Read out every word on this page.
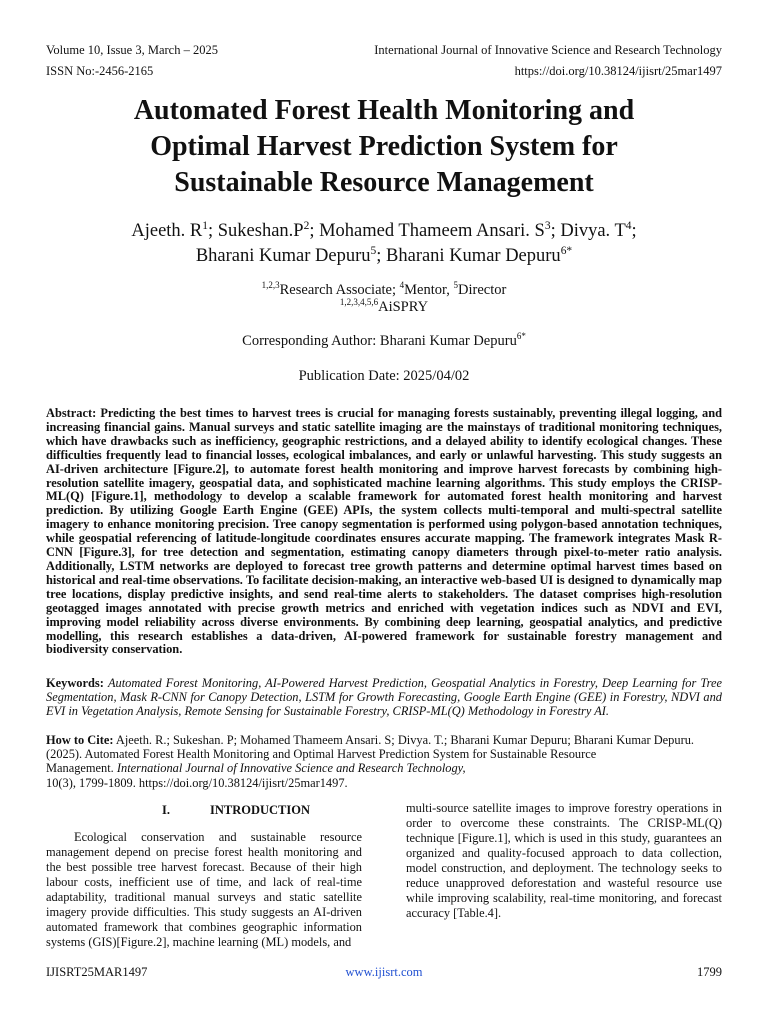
Volume 10, Issue 3, March – 2025	International Journal of Innovative Science and Research Technology
ISSN No:-2456-2165	https://doi.org/10.38124/ijisrt/25mar1497
Automated Forest Health Monitoring and
Optimal Harvest Prediction System for
Sustainable Resource Management
Ajeeth. $R^1$; $Sukeshan.P^2$; Mohamed Thameem Ansari. $S^3$; Divya. $T^4$;
Bharani Kumar Depuru$^5$; Bharani Kumar Depuru$^{6*}$
$^{1,2,3}$Research Associate; $^4$Mentor, $^5$Director
$^{1,2,3,4,5,6}$AiSPRY
Corresponding Author: Bharani Kumar Depuru$^{6*}$
Publication Date: 2025/04/02

Abstract: Predicting the best times to harvest trees is crucial for managing forests sustainably, preventing illegal logging, and increasing financial gains. Manual surveys and static satellite imaging are the mainstays of traditional monitoring techniques, which have drawbacks such as inefficiency, geographic restrictions, and a delayed ability to identify ecological changes. These difficulties frequently lead to financial losses, ecological imbalances, and early or unlawful harvesting. This study suggests an AI-driven architecture [Figure.2], to automate forest health monitoring and improve harvest forecasts by combining high-resolution satellite imagery, geospatial data, and sophisticated machine learning algorithms. This study employs the CRISP-ML(Q) [Figure.1], methodology to develop a scalable framework for automated forest health monitoring and harvest prediction. By utilizing Google Earth Engine (GEE) APIs, the system collects multi-temporal and multi-spectral satellite imagery to enhance monitoring precision. Tree canopy segmentation is performed using polygon-based annotation techniques, while geospatial referencing of latitude-longitude coordinates ensures accurate mapping. The framework integrates Mask R-CNN [Figure.3], for tree detection and segmentation, estimating canopy diameters through pixel-to-meter ratio analysis. Additionally, LSTM networks are deployed to forecast tree growth patterns and determine optimal harvest times based on historical and real-time observations. To facilitate decision-making, an interactive web-based UI is designed to dynamically map tree locations, display predictive insights, and send real-time alerts to stakeholders. The dataset comprises high-resolution geotagged images annotated with precise growth metrics and enriched with vegetation indices such as NDVI and EVI, improving model reliability across diverse environments. By combining deep learning, geospatial analytics, and predictive modelling, this research establishes a data-driven, AI-powered framework for sustainable forestry management and biodiversity conservation.

Keywords: Automated Forest Monitoring, AI-Powered Harvest Prediction, Geospatial Analytics in Forestry, Deep Learning for Tree Segmentation, Mask R-CNN for Canopy Detection, LSTM for Growth Forecasting, Google Earth Engine (GEE) in Forestry, NDVI and EVI in Vegetation Analysis, Remote Sensing for Sustainable Forestry, CRISP-ML(Q) Methodology in Forestry AI.

How to Cite: Ajeeth. R.; Sukeshan. P; Mohamed Thameem Ansari. S; Divya. T.; Bharani Kumar Depuru; Bharani Kumar Depuru.
(2025). Automated Forest Health Monitoring and Optimal Harvest Prediction System for Sustainable Resource
Management. International Journal of Innovative Science and Research Technology,
10(3), 1799-1809. https://doi.org/10.38124/ijisrt/25mar1497.
I.	INTRODUCTION

Ecological conservation and sustainable resource management depend on precise forest health monitoring and the best possible tree harvest forecast. Because of their high labour costs, inefficient use of time, and lack of real-time adaptability, traditional manual surveys and static satellite imagery provide difficulties. This study suggests an AI-driven automated framework that combines geographic information systems (GIS)[Figure.2], machine learning (ML) models, and

multi-source satellite images to improve forestry operations in order to overcome these constraints. The CRISP-ML(Q) technique [Figure.1], which is used in this study, guarantees an organized and quality-focused approach to data collection, model construction, and deployment. The technology seeks to reduce unapproved deforestation and wasteful resource use while improving scalability, real-time monitoring, and forecast accuracy [Table.4].

IJISRT25MAR1497	www.ijisrt.com	1799
